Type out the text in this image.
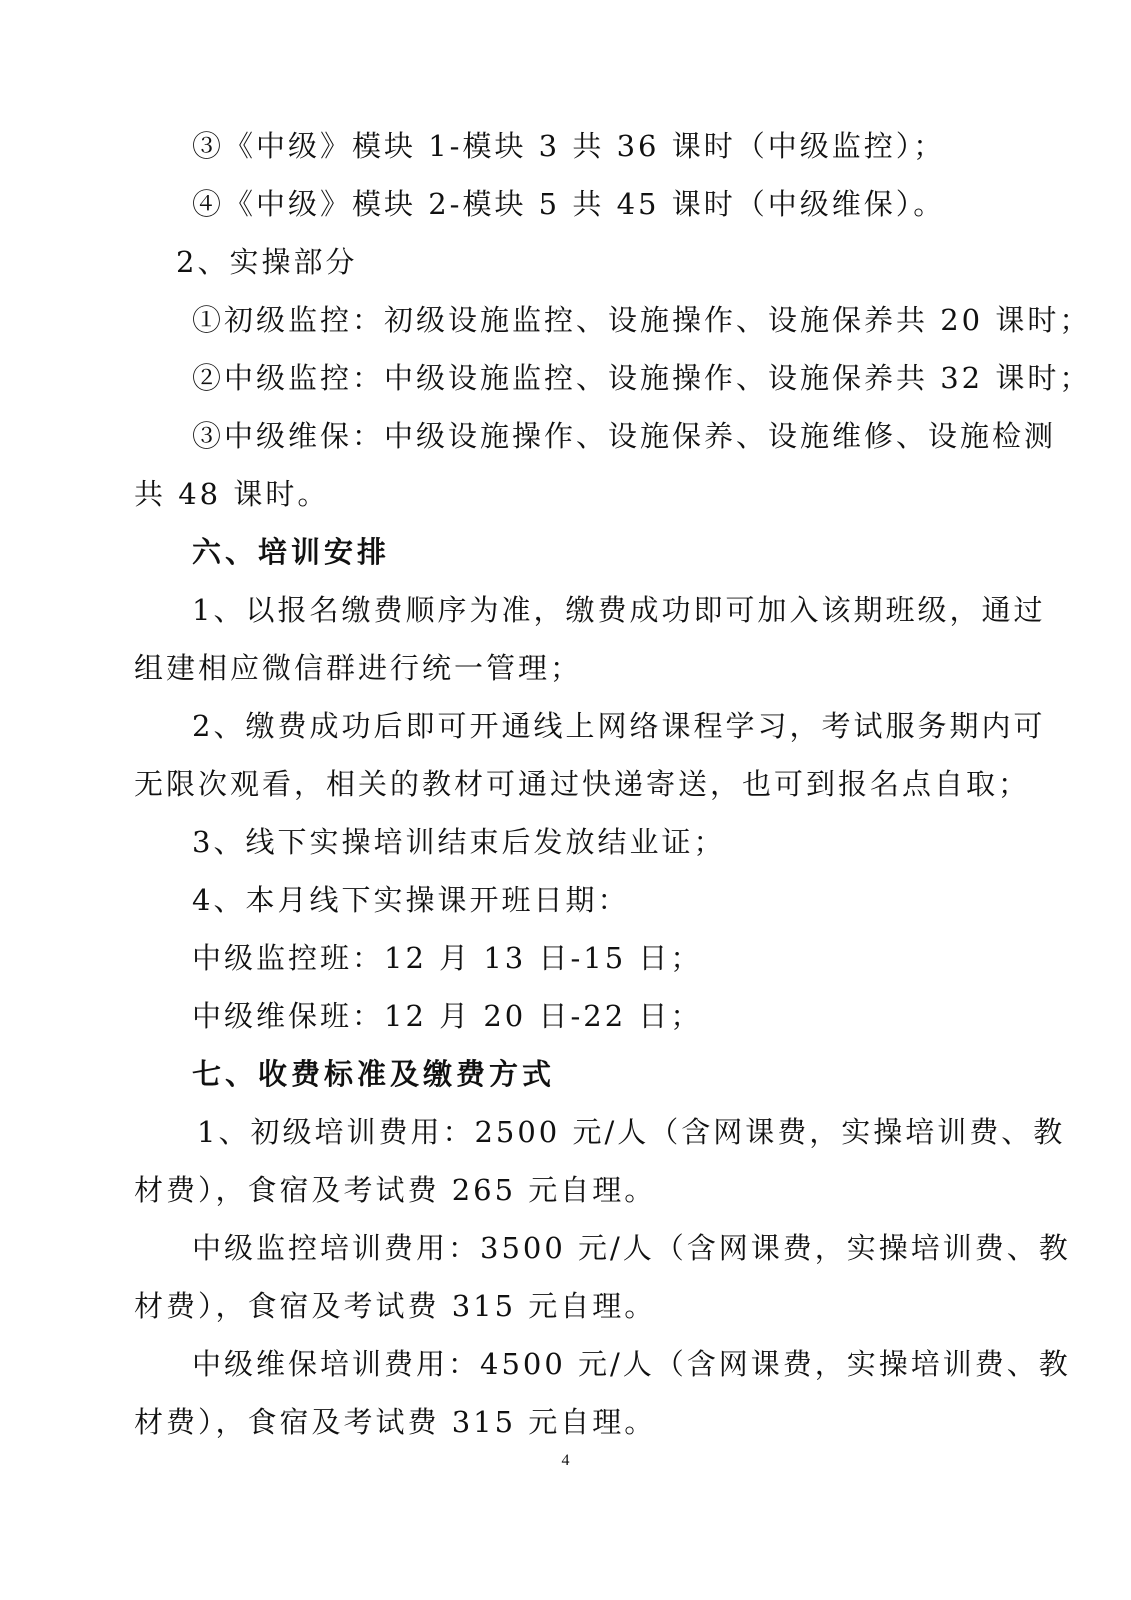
③《中级》模块 1-模块 3 共 36 课时（中级监控）；
④《中级》模块 2-模块 5 共 45 课时（中级维保）。
2、实操部分
①初级监控：初级设施监控、设施操作、设施保养共 20 课时；
②中级监控：中级设施监控、设施操作、设施保养共 32 课时；
③中级维保：中级设施操作、设施保养、设施维修、设施检测
共 48 课时。
六、培训安排
1、以报名缴费顺序为准，缴费成功即可加入该期班级，通过
组建相应微信群进行统一管理；
2、缴费成功后即可开通线上网络课程学习，考试服务期内可
无限次观看，相关的教材可通过快递寄送，也可到报名点自取；
3、线下实操培训结束后发放结业证；
4、本月线下实操课开班日期：
中级监控班：12 月 13 日-15 日；
中级维保班：12 月 20 日-22 日；
七、收费标准及缴费方式
1、初级培训费用：2500 元/人（含网课费，实操培训费、教
材费），食宿及考试费 265 元自理。
中级监控培训费用：3500 元/人（含网课费，实操培训费、教
材费），食宿及考试费 315 元自理。
中级维保培训费用：4500 元/人（含网课费，实操培训费、教
材费），食宿及考试费 315 元自理。
4
